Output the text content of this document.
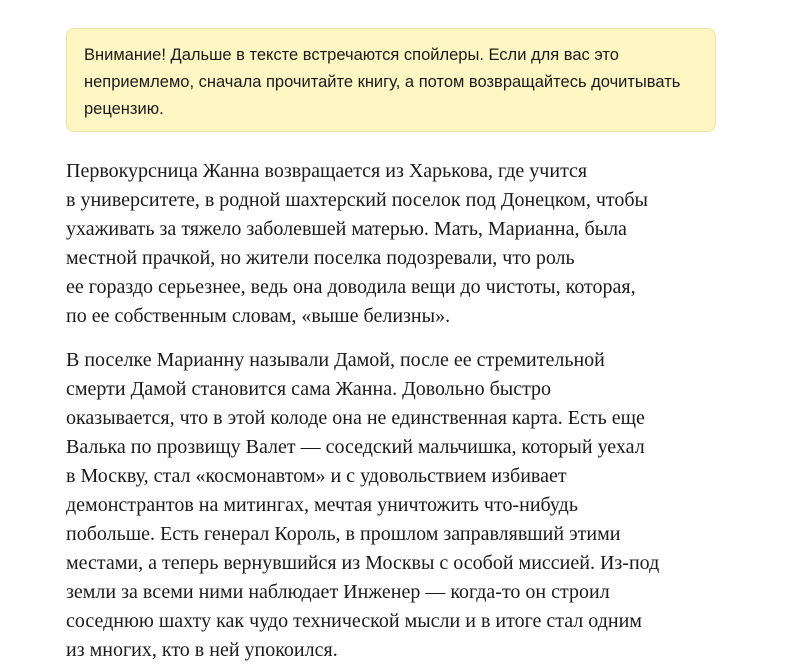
Внимание! Дальше в тексте встречаются спойлеры. Если для вас это неприемлемо, сначала прочитайте книгу, а потом возвращайтесь дочитывать рецензию.

Первокурсница Жанна возвращается из Харькова, где учится
в университете, в родной шахтерский поселок под Донецком, чтобы
ухаживать за тяжело заболевшей матерью. Мать, Марианна, была
местной прачкой, но жители поселка подозревали, что роль
ее гораздо серьезнее, ведь она доводила вещи до чистоты, которая,
по ее собственным словам, «выше белизны».

В поселке Марианну называли Дамой, после ее стремительной
смерти Дамой становится сама Жанна. Довольно быстро
оказывается, что в этой колоде она не единственная карта. Есть еще
Валька по прозвищу Валет — соседский мальчишка, который уехал
в Москву, стал «космонавтом» и с удовольствием избивает
демонстрантов на митингах, мечтая уничтожить что-нибудь
побольше. Есть генерал Король, в прошлом заправлявший этими
местами, а теперь вернувшийся из Москвы с особой миссией. Из-под
земли за всеми ними наблюдает Инженер — когда-то он строил
соседнюю шахту как чудо технической мысли и в итоге стал одним
из многих, кто в ней упокоился.
